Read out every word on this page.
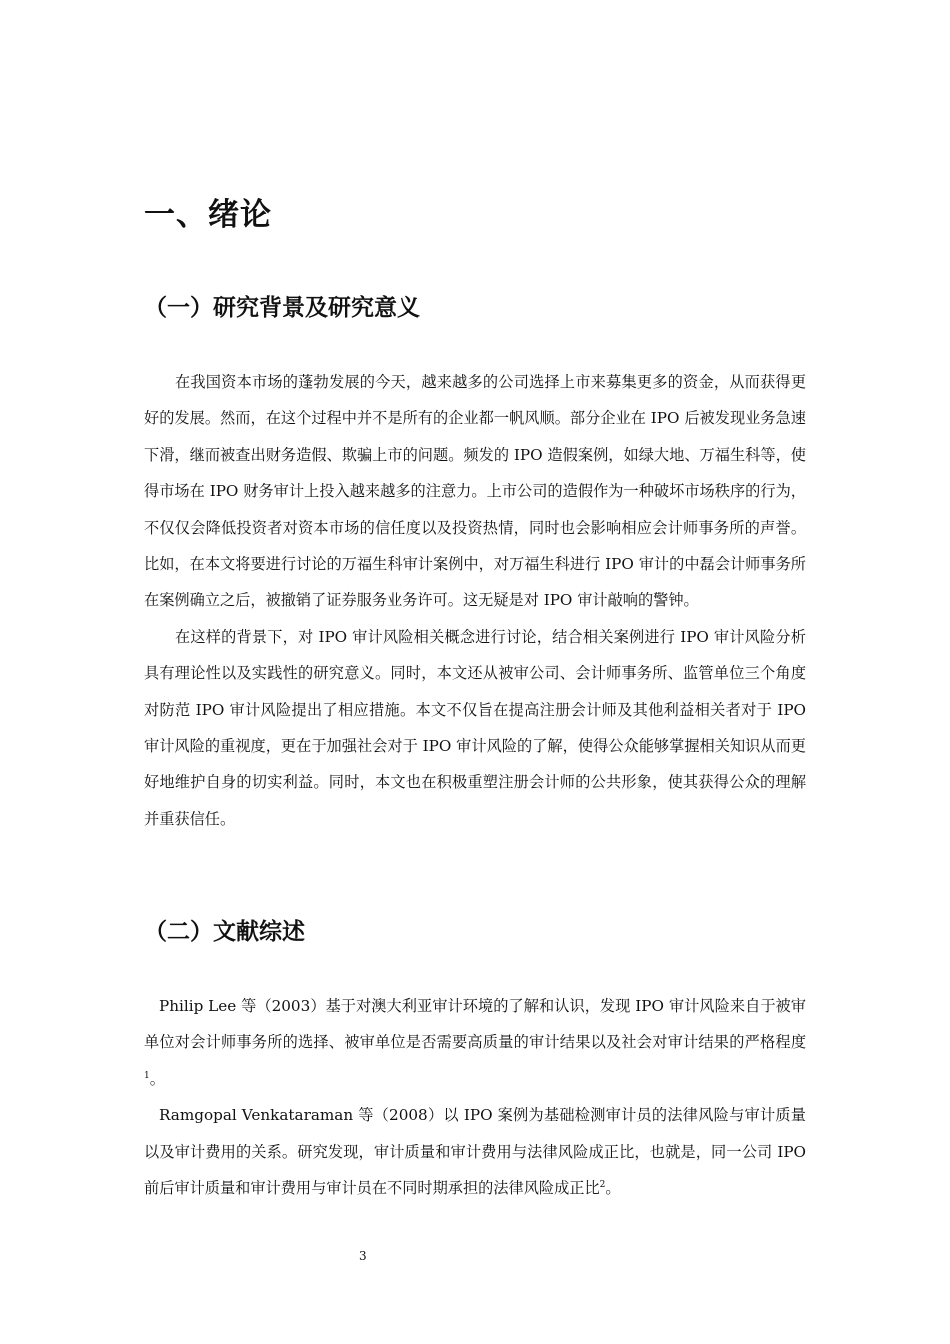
一、绪论
（一）研究背景及研究意义

在我国资本市场的蓬勃发展的今天，越来越多的公司选择上市来募集更多的资金，从而获得更好的发展。然而，在这个过程中并不是所有的企业都一帆风顺。部分企业在 IPO 后被发现业务急速下滑，继而被查出财务造假、欺骗上市的问题。频发的 IPO 造假案例，如绿大地、万福生科等，使得市场在 IPO 财务审计上投入越来越多的注意力。上市公司的造假作为一种破坏市场秩序的行为，不仅仅会降低投资者对资本市场的信任度以及投资热情，同时也会影响相应会计师事务所的声誉。比如，在本文将要进行讨论的万福生科审计案例中，对万福生科进行 IPO 审计的中磊会计师事务所在案例确立之后，被撤销了证券服务业务许可。这无疑是对 IPO 审计敲响的警钟。

在这样的背景下，对 IPO 审计风险相关概念进行讨论，结合相关案例进行 IPO 审计风险分析具有理论性以及实践性的研究意义。同时，本文还从被审公司、会计师事务所、监管单位三个角度对防范 IPO 审计风险提出了相应措施。本文不仅旨在提高注册会计师及其他利益相关者对于 IPO 审计风险的重视度，更在于加强社会对于 IPO 审计风险的了解，使得公众能够掌握相关知识从而更好地维护自身的切实利益。同时，本文也在积极重塑注册会计师的公共形象，使其获得公众的理解并重获信任。

（二）文献综述

Philip Lee 等（2003）基于对澳大利亚审计环境的了解和认识，发现 IPO 审计风险来自于被审单位对会计师事务所的选择、被审单位是否需要高质量的审计结果以及社会对审计结果的严格程度$^1$。

Ramgopal Venkataraman 等（2008）以 IPO 案例为基础检测审计员的法律风险与审计质量以及审计费用的关系。研究发现，审计质量和审计费用与法律风险成正比，也就是，同一公司 IPO 前后审计质量和审计费用与审计员在不同时期承担的法律风险成正比$^2$。

3
